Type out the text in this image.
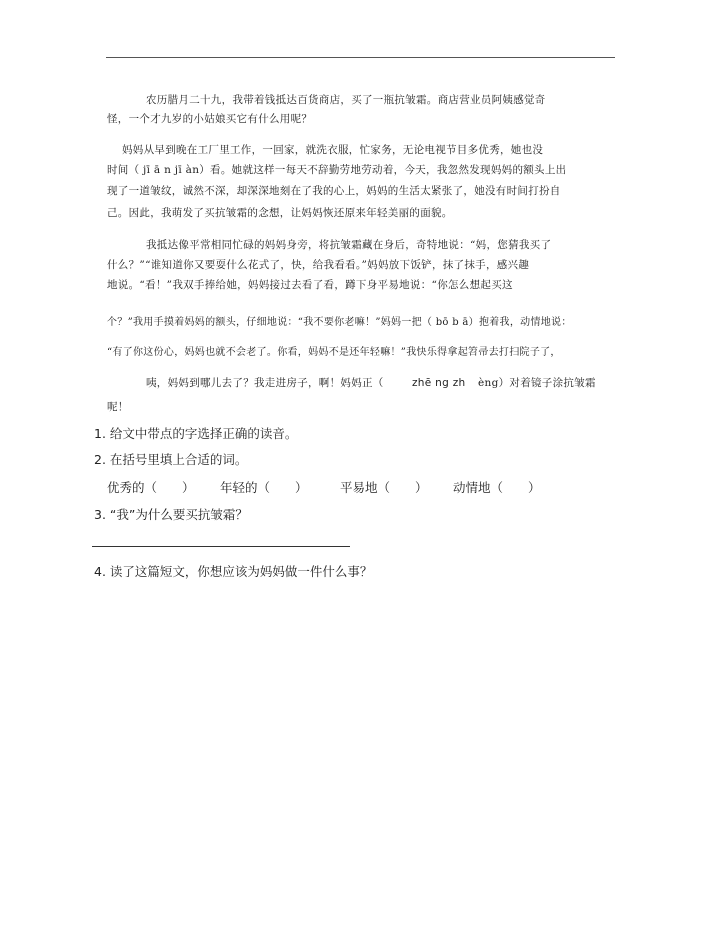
农历腊月二十九，我带着钱抵达百货商店，买了一瓶抗皱霜。商店营业员阿姨感觉奇
怪，一个才九岁的小姑娘买它有什么用呢？
妈妈从早到晚在工厂里工作，一回家，就洗衣服，忙家务，无论电视节目多优秀，她也没
时间（ jī ā n jī àn）看。她就这样一每天不辞勤劳地劳动着，今天，我忽然发现妈妈的额头上出
现了一道皱纹，诚然不深，却深深地刻在了我的心上，妈妈的生活太紧张了，她没有时间打扮自
己。因此，我萌发了买抗皱霜的念想，让妈妈恢还原来年轻美丽的面貌。
我抵达像平常相同忙碌的妈妈身旁，将抗皱霜藏在身后，奇特地说：“妈，您猜我买了
什么？”“谁知道你又要耍什么花式了，快，给我看看。”妈妈放下饭铲，抹了抹手，感兴趣
地说。“看！”我双手捧给她，妈妈接过去看了看，蹲下身平易地说：“你怎么想起买这
个？”我用手摸着妈妈的额头，仔细地说：“我不要你老嘛！”妈妈一把（ bō b ā）抱着我，动情地说：
“有了你这份心，妈妈也就不会老了。你看，妈妈不是还年轻嘛！”我快乐得拿起笤帚去打扫院子了，
咦，妈妈到哪儿去了？我走进房子，啊！妈妈正（	zhē ng zh èng）对着镜子涂抗皱霜
呢！
1. 给文中带点的字选择正确的读音。
2. 在括号里填上合适的词。
优秀的（　　） 年轻的（　　）	平易地（　　） 动情地（　　）
3. “我”为什么要买抗皱霜？
4. 读了这篇短文，你想应该为妈妈做一件什么事？
